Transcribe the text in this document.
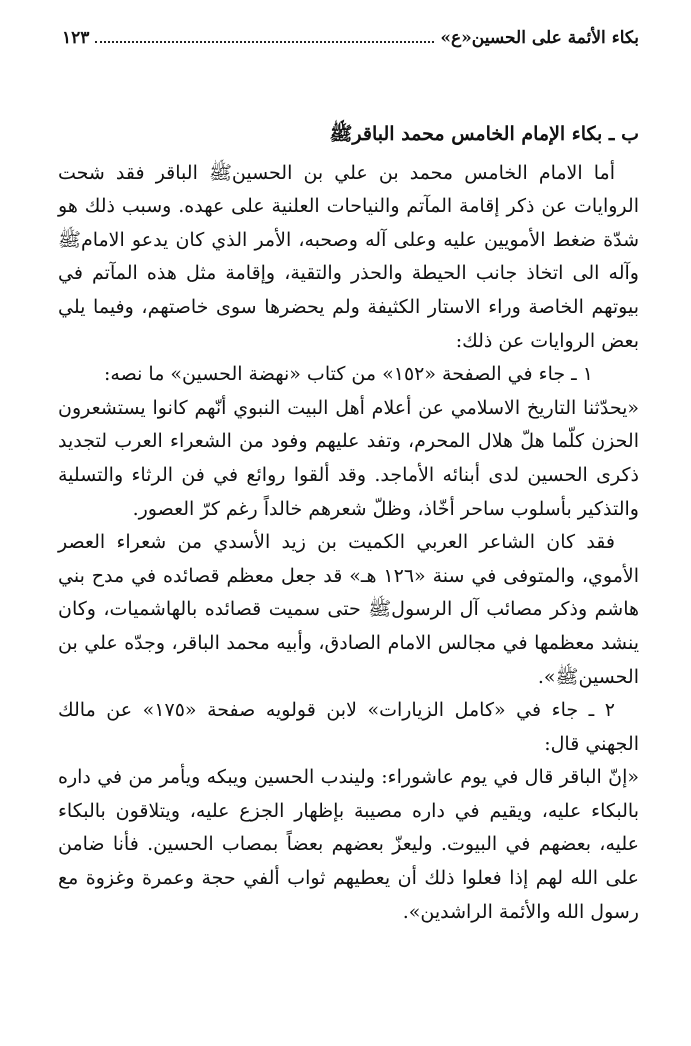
بكاء الأئمة على الحسين«ع»
١٢٣
ب ـ بكاء الإمام الخامس محمد الباقرﷺ

أما الامام الخامس محمد بن علي بن الحسينﷺ الباقر فقد شحت الروايات عن ذكر إقامة المآتم والنياحات العلنية على عهده. وسبب ذلك هو شدّة ضغط الأمويين عليه وعلى آله وصحبه، الأمر الذي كان يدعو الامامﷺ وآله الى اتخاذ جانب الحيطة والحذر والتقية، وإقامة مثل هذه المآتم في بيوتهم الخاصة وراء الاستار الكثيفة ولم يحضرها سوى خاصتهم، وفيما يلي بعض الروايات عن ذلك:

١ ـ جاء في الصفحة «١٥٢» من كتاب «نهضة الحسين» ما نصه:

«يحدّثنا التاريخ الاسلامي عن أعلام أهل البيت النبوي أنّهم كانوا يستشعرون الحزن كلّما هلّ هلال المحرم، وتفد عليهم وفود من الشعراء العرب لتجديد ذكرى الحسين لدى أبنائه الأماجد. وقد ألقوا روائع في فن الرثاء والتسلية والتذكير بأسلوب ساحر أخّاذ، وظلّ شعرهم خالداً رغم كرّ العصور.

فقد كان الشاعر العربي الكميت بن زيد الأسدي من شعراء العصر الأموي، والمتوفى في سنة «١٢٦ هـ» قد جعل معظم قصائده في مدح بني هاشم وذكر مصائب آل الرسولﷺ حتى سميت قصائده بالهاشميات، وكان ينشد معظمها في مجالس الامام الصادق، وأبيه محمد الباقر، وجدّه علي بن الحسينﷺ».

٢ ـ جاء في «كامل الزيارات» لابن قولويه صفحة «١٧٥» عن مالك الجهني قال:

«إنّ الباقر قال في يوم عاشوراء: وليندب الحسين ويبكه ويأمر من في داره بالبكاء عليه، ويقيم في داره مصيبة بإظهار الجزع عليه، ويتلاقون بالبكاء عليه، بعضهم في البيوت. وليعزّ بعضهم بعضاً بمصاب الحسين. فأنا ضامن على الله لهم إذا فعلوا ذلك أن يعطيهم ثواب ألفي حجة وعمرة وغزوة مع رسول الله والأئمة الراشدين».
